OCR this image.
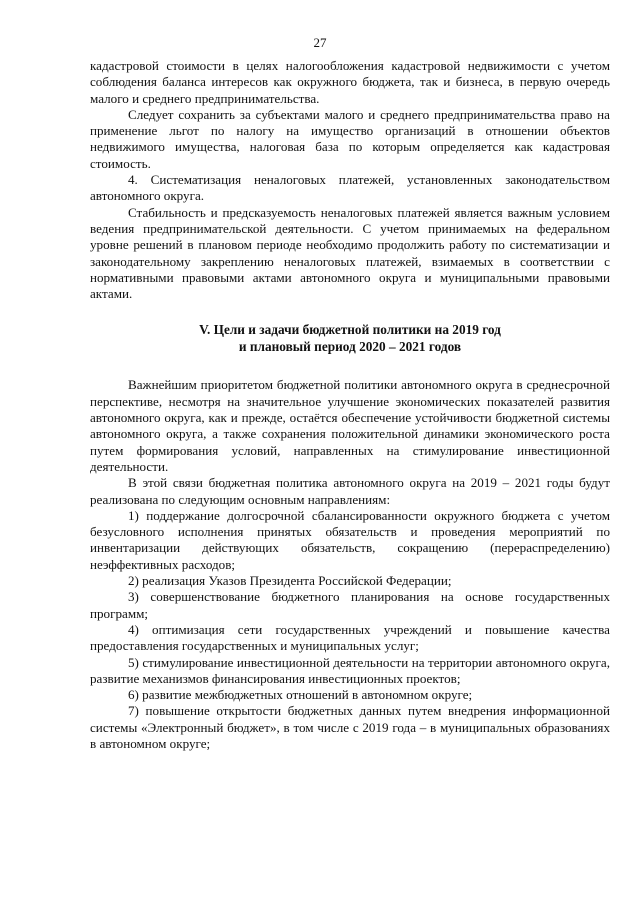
27

кадастровой стоимости в целях налогообложения кадастровой недвижимости с учетом соблюдения баланса интересов как окружного бюджета, так и бизнеса, в первую очередь малого и среднего предпринимательства.

Следует сохранить за субъектами малого и среднего предпринимательства право на применение льгот по налогу на имущество организаций в отношении объектов недвижимого имущества, налоговая база по которым определяется как кадастровая стоимость.

4. Систематизация неналоговых платежей, установленных законодательством автономного округа.

Стабильность и предсказуемость неналоговых платежей является важным условием ведения предпринимательской деятельности. С учетом принимаемых на федеральном уровне решений в плановом периоде необходимо продолжить работу по систематизации и законодательному закреплению неналоговых платежей, взимаемых в соответствии с нормативными правовыми актами автономного округа и муниципальными правовыми актами.

V. Цели и задачи бюджетной политики на 2019 год
и плановый период 2020 – 2021 годов

Важнейшим приоритетом бюджетной политики автономного округа в среднесрочной перспективе, несмотря на значительное улучшение экономических показателей развития автономного округа, как и прежде, остаётся обеспечение устойчивости бюджетной системы автономного округа, а также сохранения положительной динамики экономического роста путем формирования условий, направленных на стимулирование инвестиционной деятельности.

В этой связи бюджетная политика автономного округа на 2019 – 2021 годы будут реализована по следующим основным направлениям:

1) поддержание долгосрочной сбалансированности окружного бюджета с учетом безусловного исполнения принятых обязательств и проведения мероприятий по инвентаризации действующих обязательств, сокращению (перераспределению) неэффективных расходов;

2) реализация Указов Президента Российской Федерации;

3) совершенствование бюджетного планирования на основе государственных программ;

4) оптимизация сети государственных учреждений и повышение качества предоставления государственных и муниципальных услуг;

5) стимулирование инвестиционной деятельности на территории автономного округа, развитие механизмов финансирования инвестиционных проектов;

6) развитие межбюджетных отношений в автономном округе;

7) повышение открытости бюджетных данных путем внедрения информационной системы «Электронный бюджет», в том числе с 2019 года – в муниципальных образованиях в автономном округе;
